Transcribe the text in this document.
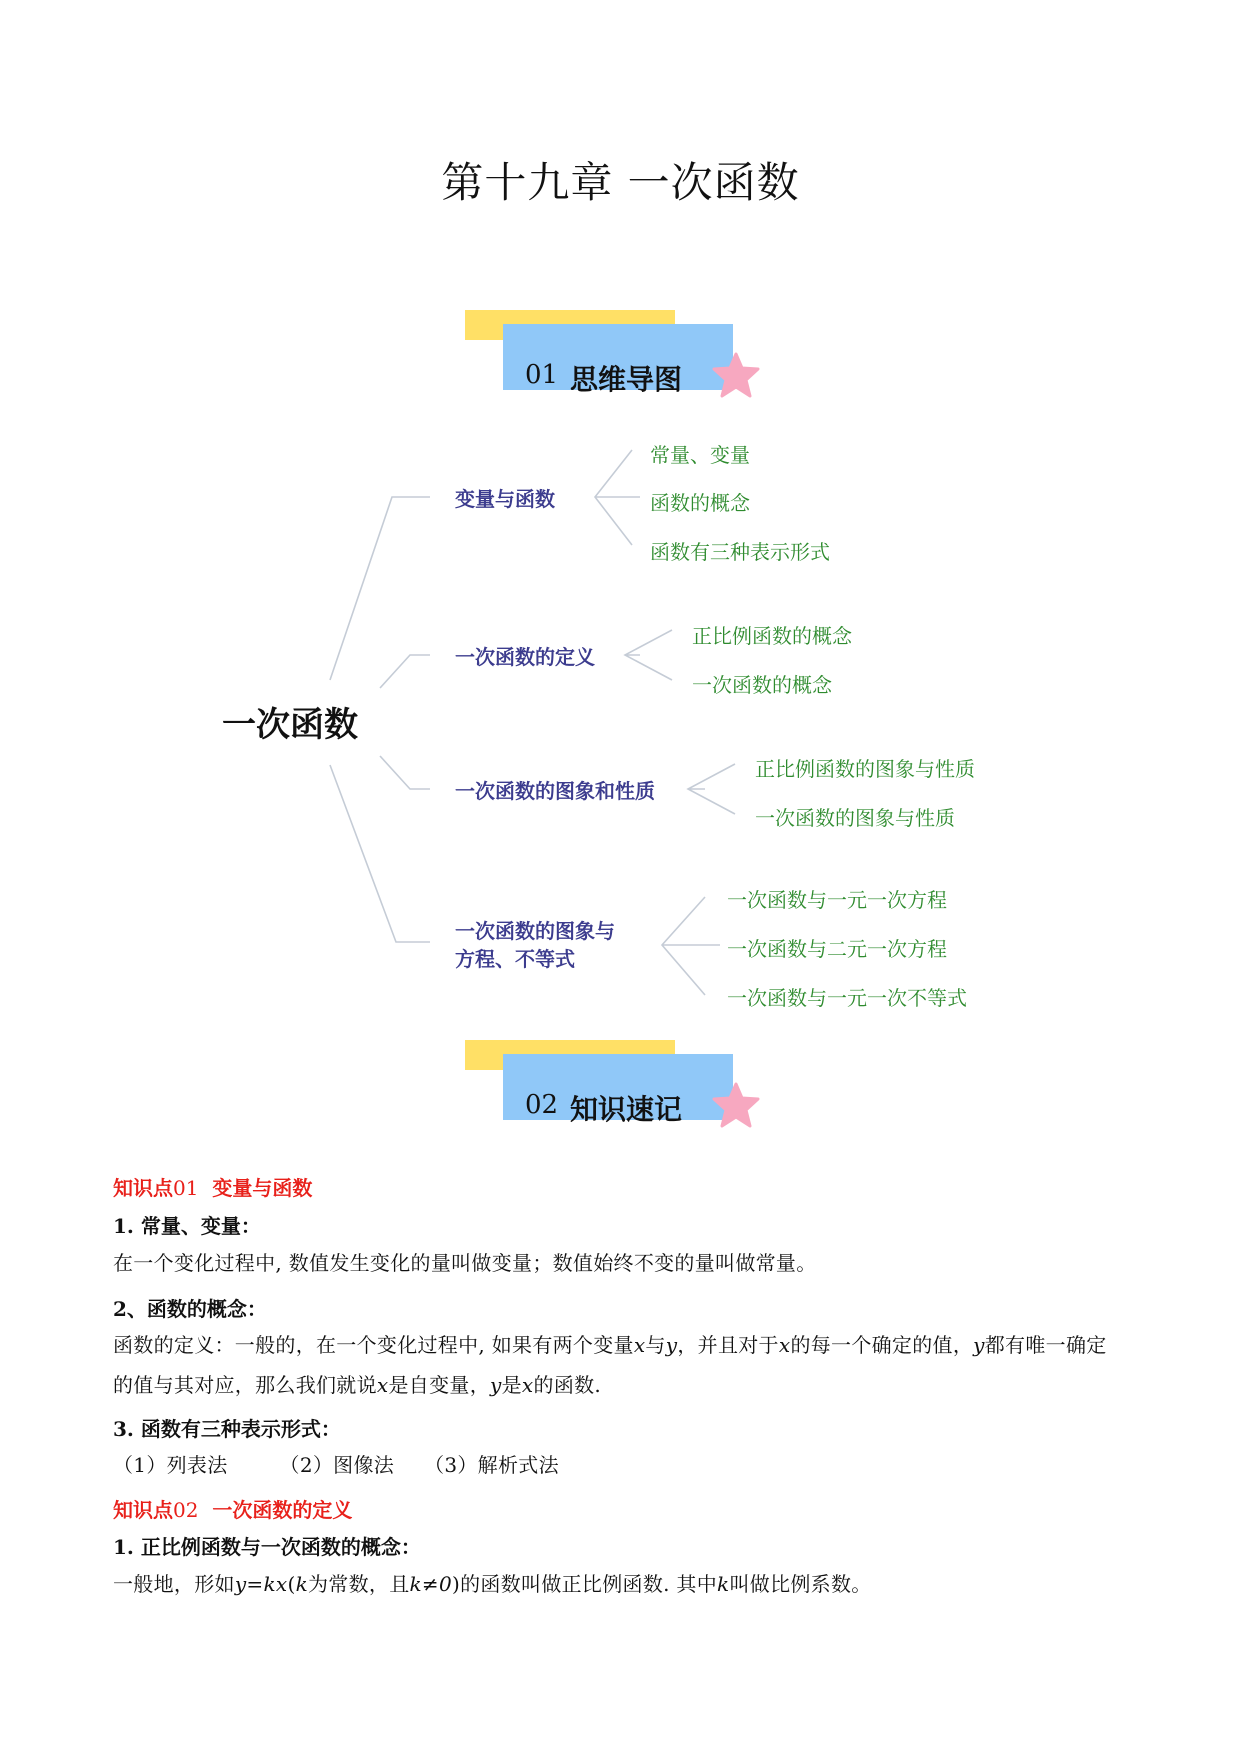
第十九章 一次函数
01 思维导图
一次函数
变量与函数
一次函数的定义
一次函数的图象和性质
一次函数的图象与
方程、不等式
常量、变量
函数的概念
函数有三种表示形式
正比例函数的概念
一次函数的概念
正比例函数的图象与性质
一次函数的图象与性质
一次函数与一元一次方程
一次函数与二元一次方程
一次函数与一元一次不等式
02 知识速记
知识点01 变量与函数
1. 常量、变量：
在一个变化过程中, 数值发生变化的量叫做变量；数值始终不变的量叫做常量。
2、函数的概念：
函数的定义：一般的，在一个变化过程中, 如果有两个变量x与y，并且对于x的每一个确定的值，y都有唯一确定的值与其对应，那么我们就说x是自变量，y是x的函数.
3. 函数有三种表示形式：
（1）列表法	（2）图像法 （3）解析式法
知识点02 一次函数的定义
1. 正比例函数与一次函数的概念：
一般地，形如y=kx(k为常数，且k≠0)的函数叫做正比例函数. 其中k叫做比例系数。
